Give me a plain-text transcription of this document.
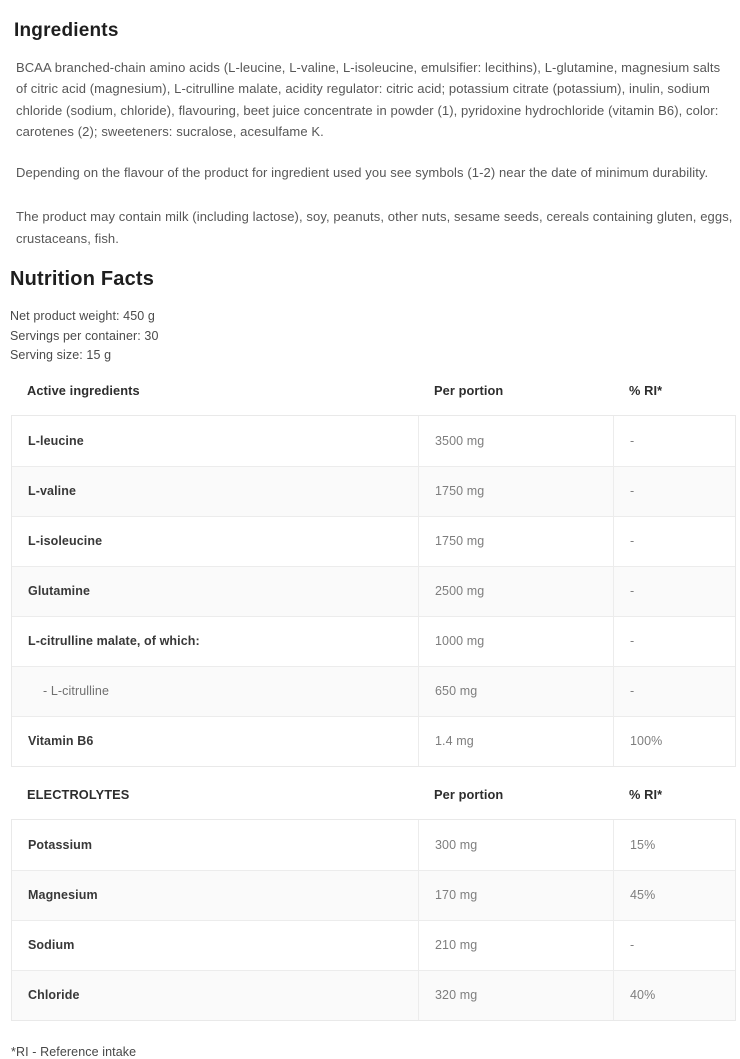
Ingredients

BCAA branched-chain amino acids (L-leucine, L-valine, L-isoleucine, emulsifier: lecithins), L-glutamine, magnesium salts of citric acid (magnesium), L-citrulline malate, acidity regulator: citric acid; potassium citrate (potassium), inulin, sodium chloride (sodium, chloride), flavouring, beet juice concentrate in powder (1), pyridoxine hydrochloride (vitamin B6), color: carotenes (2); sweeteners: sucralose, acesulfame K.

Depending on the flavour of the product for ingredient used you see symbols (1-2) near the date of minimum durability.

The product may contain milk (including lactose), soy, peanuts, other nuts, sesame seeds, cereals containing gluten, eggs, crustaceans, fish.

Nutrition Facts
Net product weight: 450 g
Servings per container: 30
Serving size: 15 g
Active ingredients	Per portion	% RI*
L-leucine	3500 mg	-
L-valine	1750 mg	-
L-isoleucine	1750 mg	-
Glutamine	2500 mg	-
L-citrulline malate, of which:	1000 mg	-
- L-citrulline	650 mg	-
Vitamin B6	1.4 mg	100%
ELECTROLYTES	Per portion	% RI*
Potassium	300 mg	15%
Magnesium	170 mg	45%
Sodium	210 mg	-
Chloride	320 mg	40%
*RI - Reference intake
